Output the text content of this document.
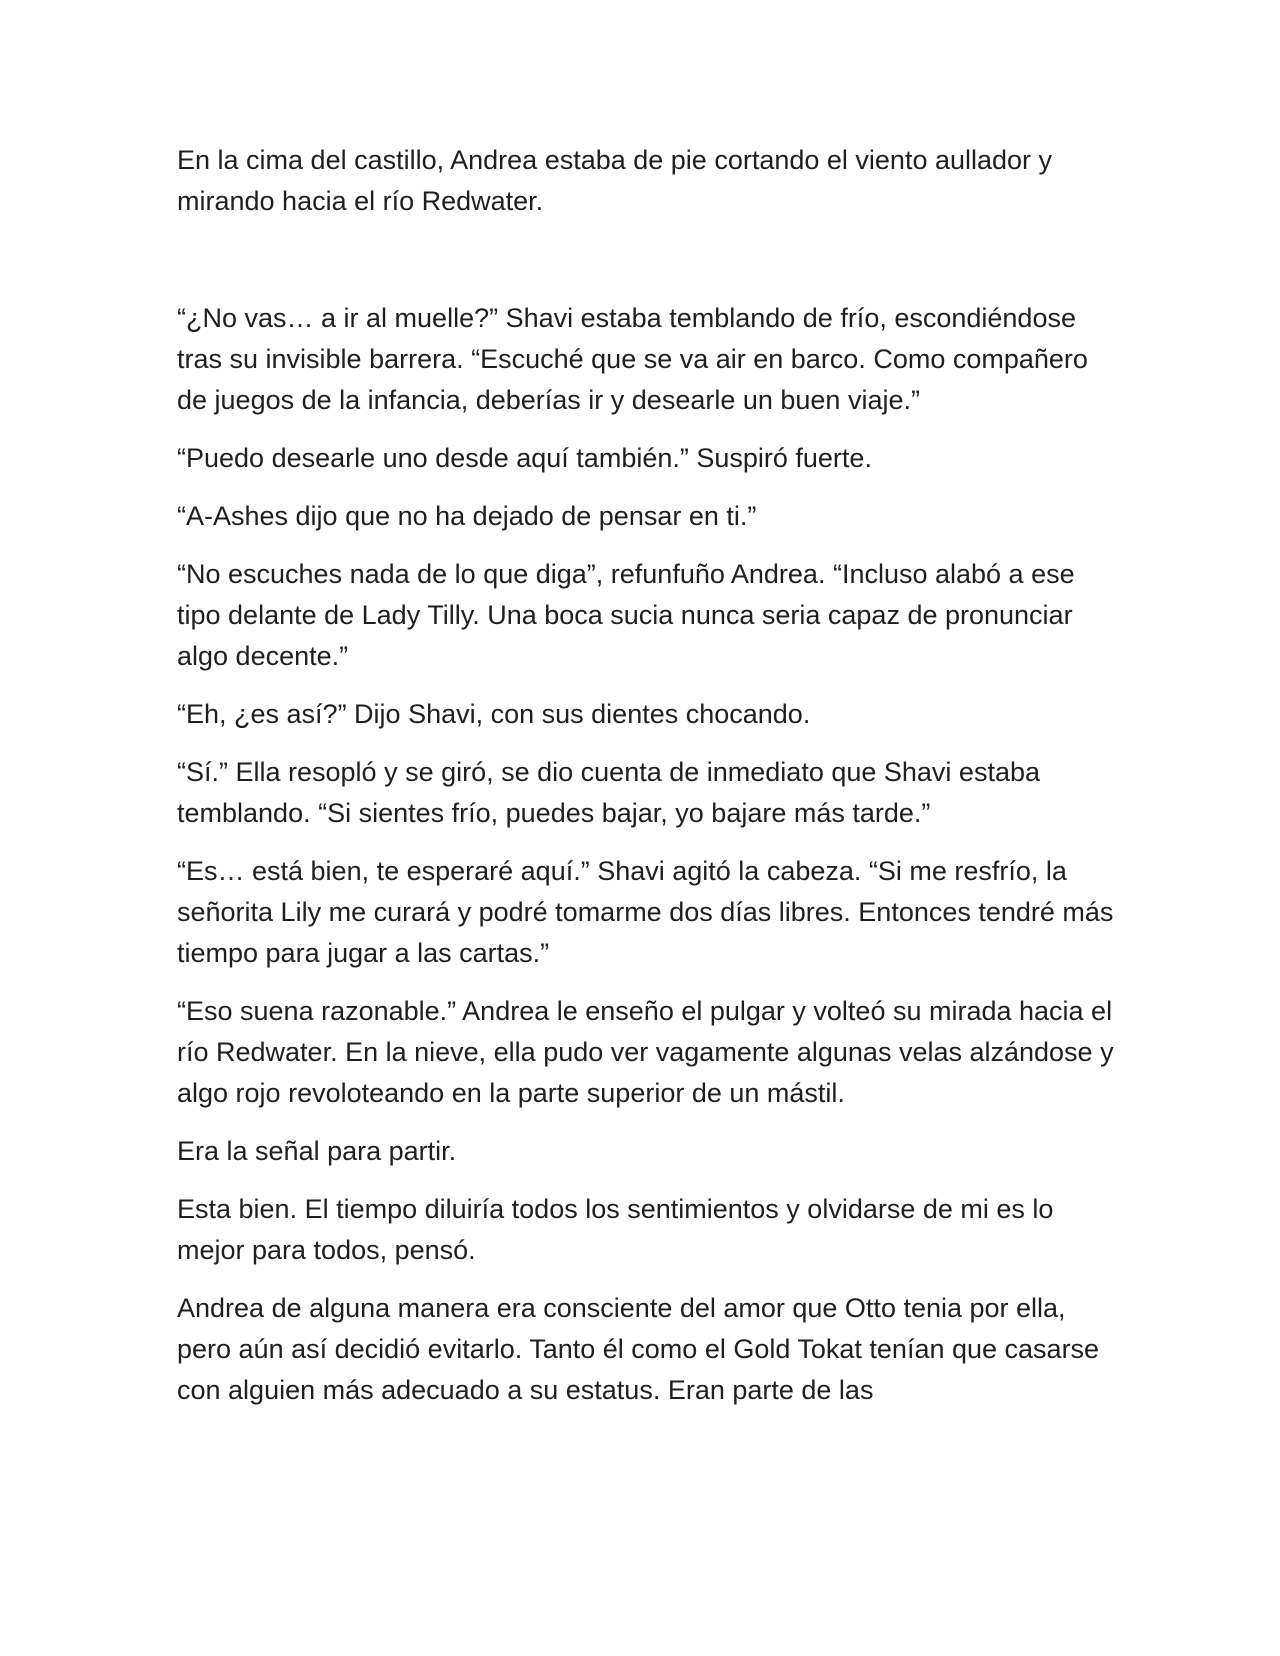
En la cima del castillo, Andrea estaba de pie cortando el viento aullador y mirando hacia el río Redwater.

“¿No vas… a ir al muelle?” Shavi estaba temblando de frío, escondiéndose tras su invisible barrera. “Escuché que se va air en barco. Como compañero de juegos de la infancia, deberías ir y desearle un buen viaje.”

“Puedo desearle uno desde aquí también.” Suspiró fuerte.

“A-Ashes dijo que no ha dejado de pensar en ti.”

“No escuches nada de lo que diga”, refunfuño Andrea. “Incluso alabó a ese tipo delante de Lady Tilly. Una boca sucia nunca seria capaz de pronunciar algo decente.”

“Eh, ¿es así?” Dijo Shavi, con sus dientes chocando.

“Sí.” Ella resopló y se giró, se dio cuenta de inmediato que Shavi estaba temblando. “Si sientes frío, puedes bajar, yo bajare más tarde.”

“Es… está bien, te esperaré aquí.” Shavi agitó la cabeza. “Si me resfrío, la señorita Lily me curará y podré tomarme dos días libres. Entonces tendré más tiempo para jugar a las cartas.”

“Eso suena razonable.” Andrea le enseño el pulgar y volteó su mirada hacia el río Redwater. En la nieve, ella pudo ver vagamente algunas velas alzándose y algo rojo revoloteando en la parte superior de un mástil.

Era la señal para partir.

Esta bien. El tiempo diluiría todos los sentimientos y olvidarse de mi es lo mejor para todos, pensó.

Andrea de alguna manera era consciente del amor que Otto tenia por ella, pero aún así decidió evitarlo. Tanto él como el Gold Tokat tenían que casarse con alguien más adecuado a su estatus. Eran parte de las
